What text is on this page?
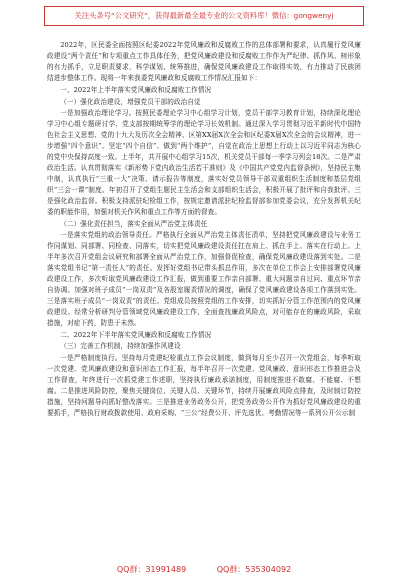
关注头条号“公文研究”，获得最新最全最专业的公文资料库！微信：gongwenyj

2022年，区民委全面按照区纪委2022年党风廉政和反腐败工作的总体部署和要求，认真履行党风廉政建设“两个责任”和专项重点工作具体任务，把党风廉政建设和反腐败工作作为严纪律、抓作风、树形象的有力抓手，立足职责要求，科学谋划、统筹推进，确保党风廉政建设工作取得实效，有力推动了民族团结进步整体工作。现将一年来我委党风廉政和反腐败工作情况汇报如下：

一、2022年上半年落实党风廉政和反腐败工作情况

（一）强化政治建设，增强党员干部的政治自觉

一是加强政治理论学习。按照民委理论学习中心组学习计划，党员干部学习教育计划，持续深化理论学习中心组专题研讨学、党支部按期统筹学的理论学习长效机制。通过深入学习贯彻习近平新时代中国特色社会主义思想、党的十九大及历次全会精神、区第XX届X次全会和区纪委X届X次全会的会议精神，进一步增强“四个意识”、坚定“四个自信”、做到“两个维护”，自觉在政治上思想上行动上以习近平同志为核心的党中央保持高度一致。上半年，共开展中心组学习15次，机关党员干部每一季学习列会18次。二是严肃政治生活。认真贯彻落实《新形势下党内政治生活若干准则》及《中国共产党党内监督条例》，坚持民主集中制，认真执行“三重一大”决策、请示报告等制度，落实好党员领导干部双重组织生活制度和基层党组织“三会一课”制度。年初召开了党组生题民主生活会和支部组织生活会，积极开展了批评和自我批评。三是强化政治监督。积极支持派驻纪检组工作，按规定邀请派驻纪检监督部参加党委会议，充分发挥机关纪委的职能作用，加强对机关作风和重点工作等方面的督查。

（二）强化责任担当，落实全面从严治党主体责任

一是落实党组的政治领导责任。严格执行全面从严治党主体责任清单，坚持把党风廉政建设与业务工作同谋划、同部署、同检查、同落实，切实把党风廉政建设责任扛在肩上、抓在手上、落实在行动上。上半年多次召开党组会议研究和部署全面从严治党工作，加强督促检查，确保党风廉政建设落到实处。二是落实党组书记“第一责任人”的责任。发挥好党组书记带头抓总作用，多次在单位工作会上安排部署党风廉政建设工作，多次听取党风廉政建设工作汇报，做到重要工作亲自部署、重大问题亲自过问、重点环节亲自协调。加强对班子成员“一岗双责”及各股室履责情况的调度，确保了党风廉政建设各项工作落到实处。三是落实班子成员“一岗双责”的责任。党组成员按照党组的工作安排，切实抓好分管工作范围内的党风廉政建设。经常分析研判分管领域党风廉政建设工作，全面查找廉政风险点，对可能存在的廉政风险，采取措施，对症下药，防患于未然。

二、2022年下半年落实党风廉政和反腐败工作情况

（三）完善工作机制，持续加强作风建设

一是严格制度执行。坚持每月党建纪检重点工作会议制度，做到每月至少召开一次党组会，每季听取一次党建、党风廉政建设和意识形态工作汇报，每半年召开一次党建、党风廉政、意识形态工作推进会及工作督查，年终进行一次抓党建工作述职，坚持执行廉政承诺制度，用制度推进不敢腐、不能腐、不想腐。二是推进风险防控，聚焦关键岗位、关键人员、关键环节，持续开展廉政风险点排查，及时制订防控措施，坚持问题导向抓好整改落实。三是推进业务政务公开，把党务政务公开作为抓好党风廉政建设的重要抓手，严格执行财政拨款使用、政府采购、“三公”经费公开、评先选优、考勤情况等一系列公开公示制

QQ群：31991489	QQ群：535304092
